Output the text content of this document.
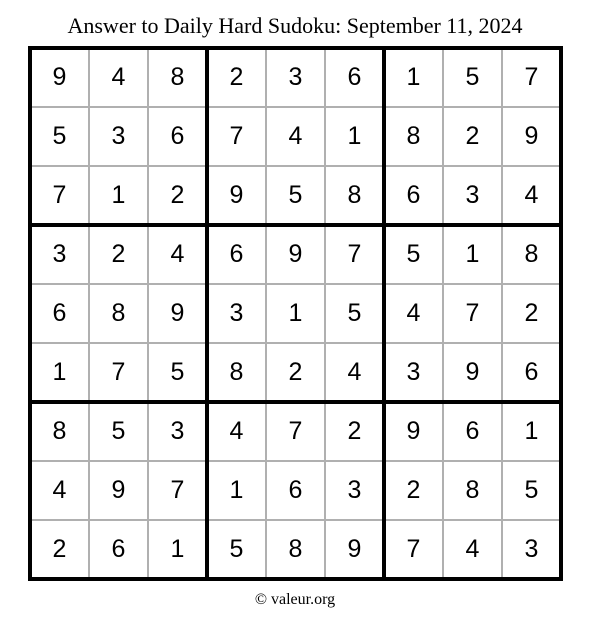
Answer to Daily Hard Sudoku: September 11, 2024
9	4	8	2	3	6	1	5	7
5	3	6	7	4	1	8	2	9
7	1	2	9	5	8	6	3	4
3	2	4	6	9	7	5	1	8
6	8	9	3	1	5	4	7	2
1	7	5	8	2	4	3	9	6
8	5	3	4	7	2	9	6	1
4	9	7	1	6	3	2	8	5
2	6	1	5	8	9	7	4	3
© valeur.org
